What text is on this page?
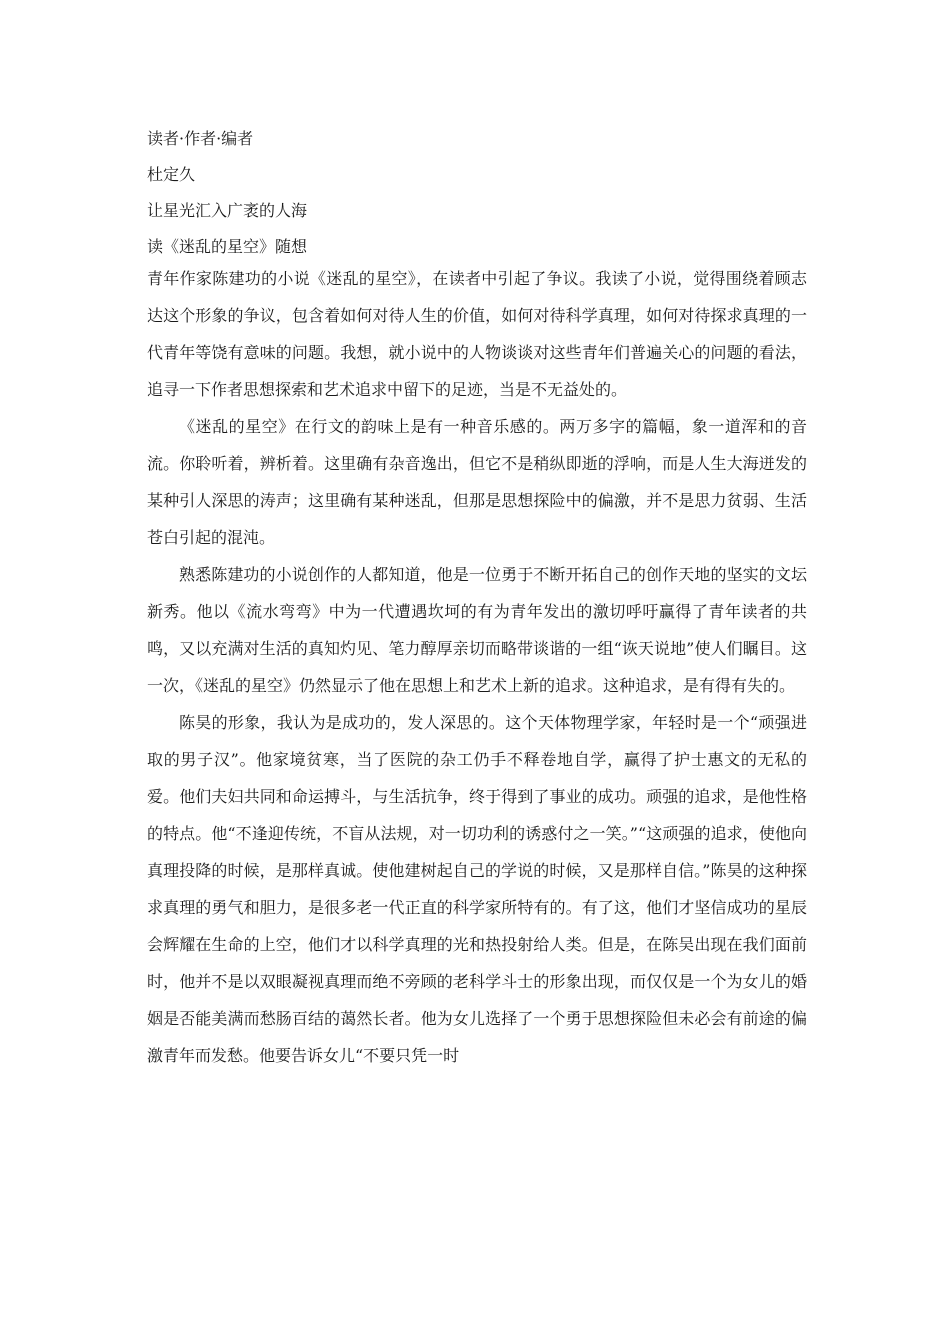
读者·作者·编者

杜定久

让星光汇入广袤的人海

读《迷乱的星空》随想

青年作家陈建功的小说《迷乱的星空》，在读者中引起了争议。我读了小说，觉得围绕着顾志达这个形象的争议，包含着如何对待人生的价值，如何对待科学真理，如何对待探求真理的一代青年等饶有意味的问题。我想，就小说中的人物谈谈对这些青年们普遍关心的问题的看法，追寻一下作者思想探索和艺术追求中留下的足迹，当是不无益处的。

《迷乱的星空》在行文的韵味上是有一种音乐感的。两万多字的篇幅，象一道浑和的音流。你聆听着，辨析着。这里确有杂音逸出，但它不是稍纵即逝的浮响，而是人生大海迸发的某种引人深思的涛声；这里确有某种迷乱，但那是思想探险中的偏激，并不是思力贫弱、生活苍白引起的混沌。

熟悉陈建功的小说创作的人都知道，他是一位勇于不断开拓自己的创作天地的坚实的文坛新秀。他以《流水弯弯》中为一代遭遇坎坷的有为青年发出的激切呼吁赢得了青年读者的共鸣，又以充满对生活的真知灼见、笔力醇厚亲切而略带谈谐的一组“诙天说地”使人们瞩目。这一次，《迷乱的星空》仍然显示了他在思想上和艺术上新的追求。这种追求，是有得有失的。

陈昊的形象，我认为是成功的，发人深思的。这个天体物理学家，年轻时是一个“顽强进取的男子汉”。他家境贫寒，当了医院的杂工仍手不释卷地自学，赢得了护士惠文的无私的爱。他们夫妇共同和命运搏斗，与生活抗争，终于得到了事业的成功。顽强的追求，是他性格的特点。他“不逢迎传统，不盲从法规，对一切功利的诱惑付之一笑。”“这顽强的追求，使他向真理投降的时候，是那样真诚。使他建树起自己的学说的时候，又是那样自信。”陈昊的这种探求真理的勇气和胆力，是很多老一代正直的科学家所特有的。有了这，他们才坚信成功的星辰会辉耀在生命的上空，他们才以科学真理的光和热投射给人类。但是，在陈吴出现在我们面前时，他并不是以双眼凝视真理而绝不旁顾的老科学斗士的形象出现，而仅仅是一个为女儿的婚姻是否能美满而愁肠百结的蔼然长者。他为女儿选择了一个勇于思想探险但未必会有前途的偏激青年而发愁。他要告诉女儿“不要只凭一时
